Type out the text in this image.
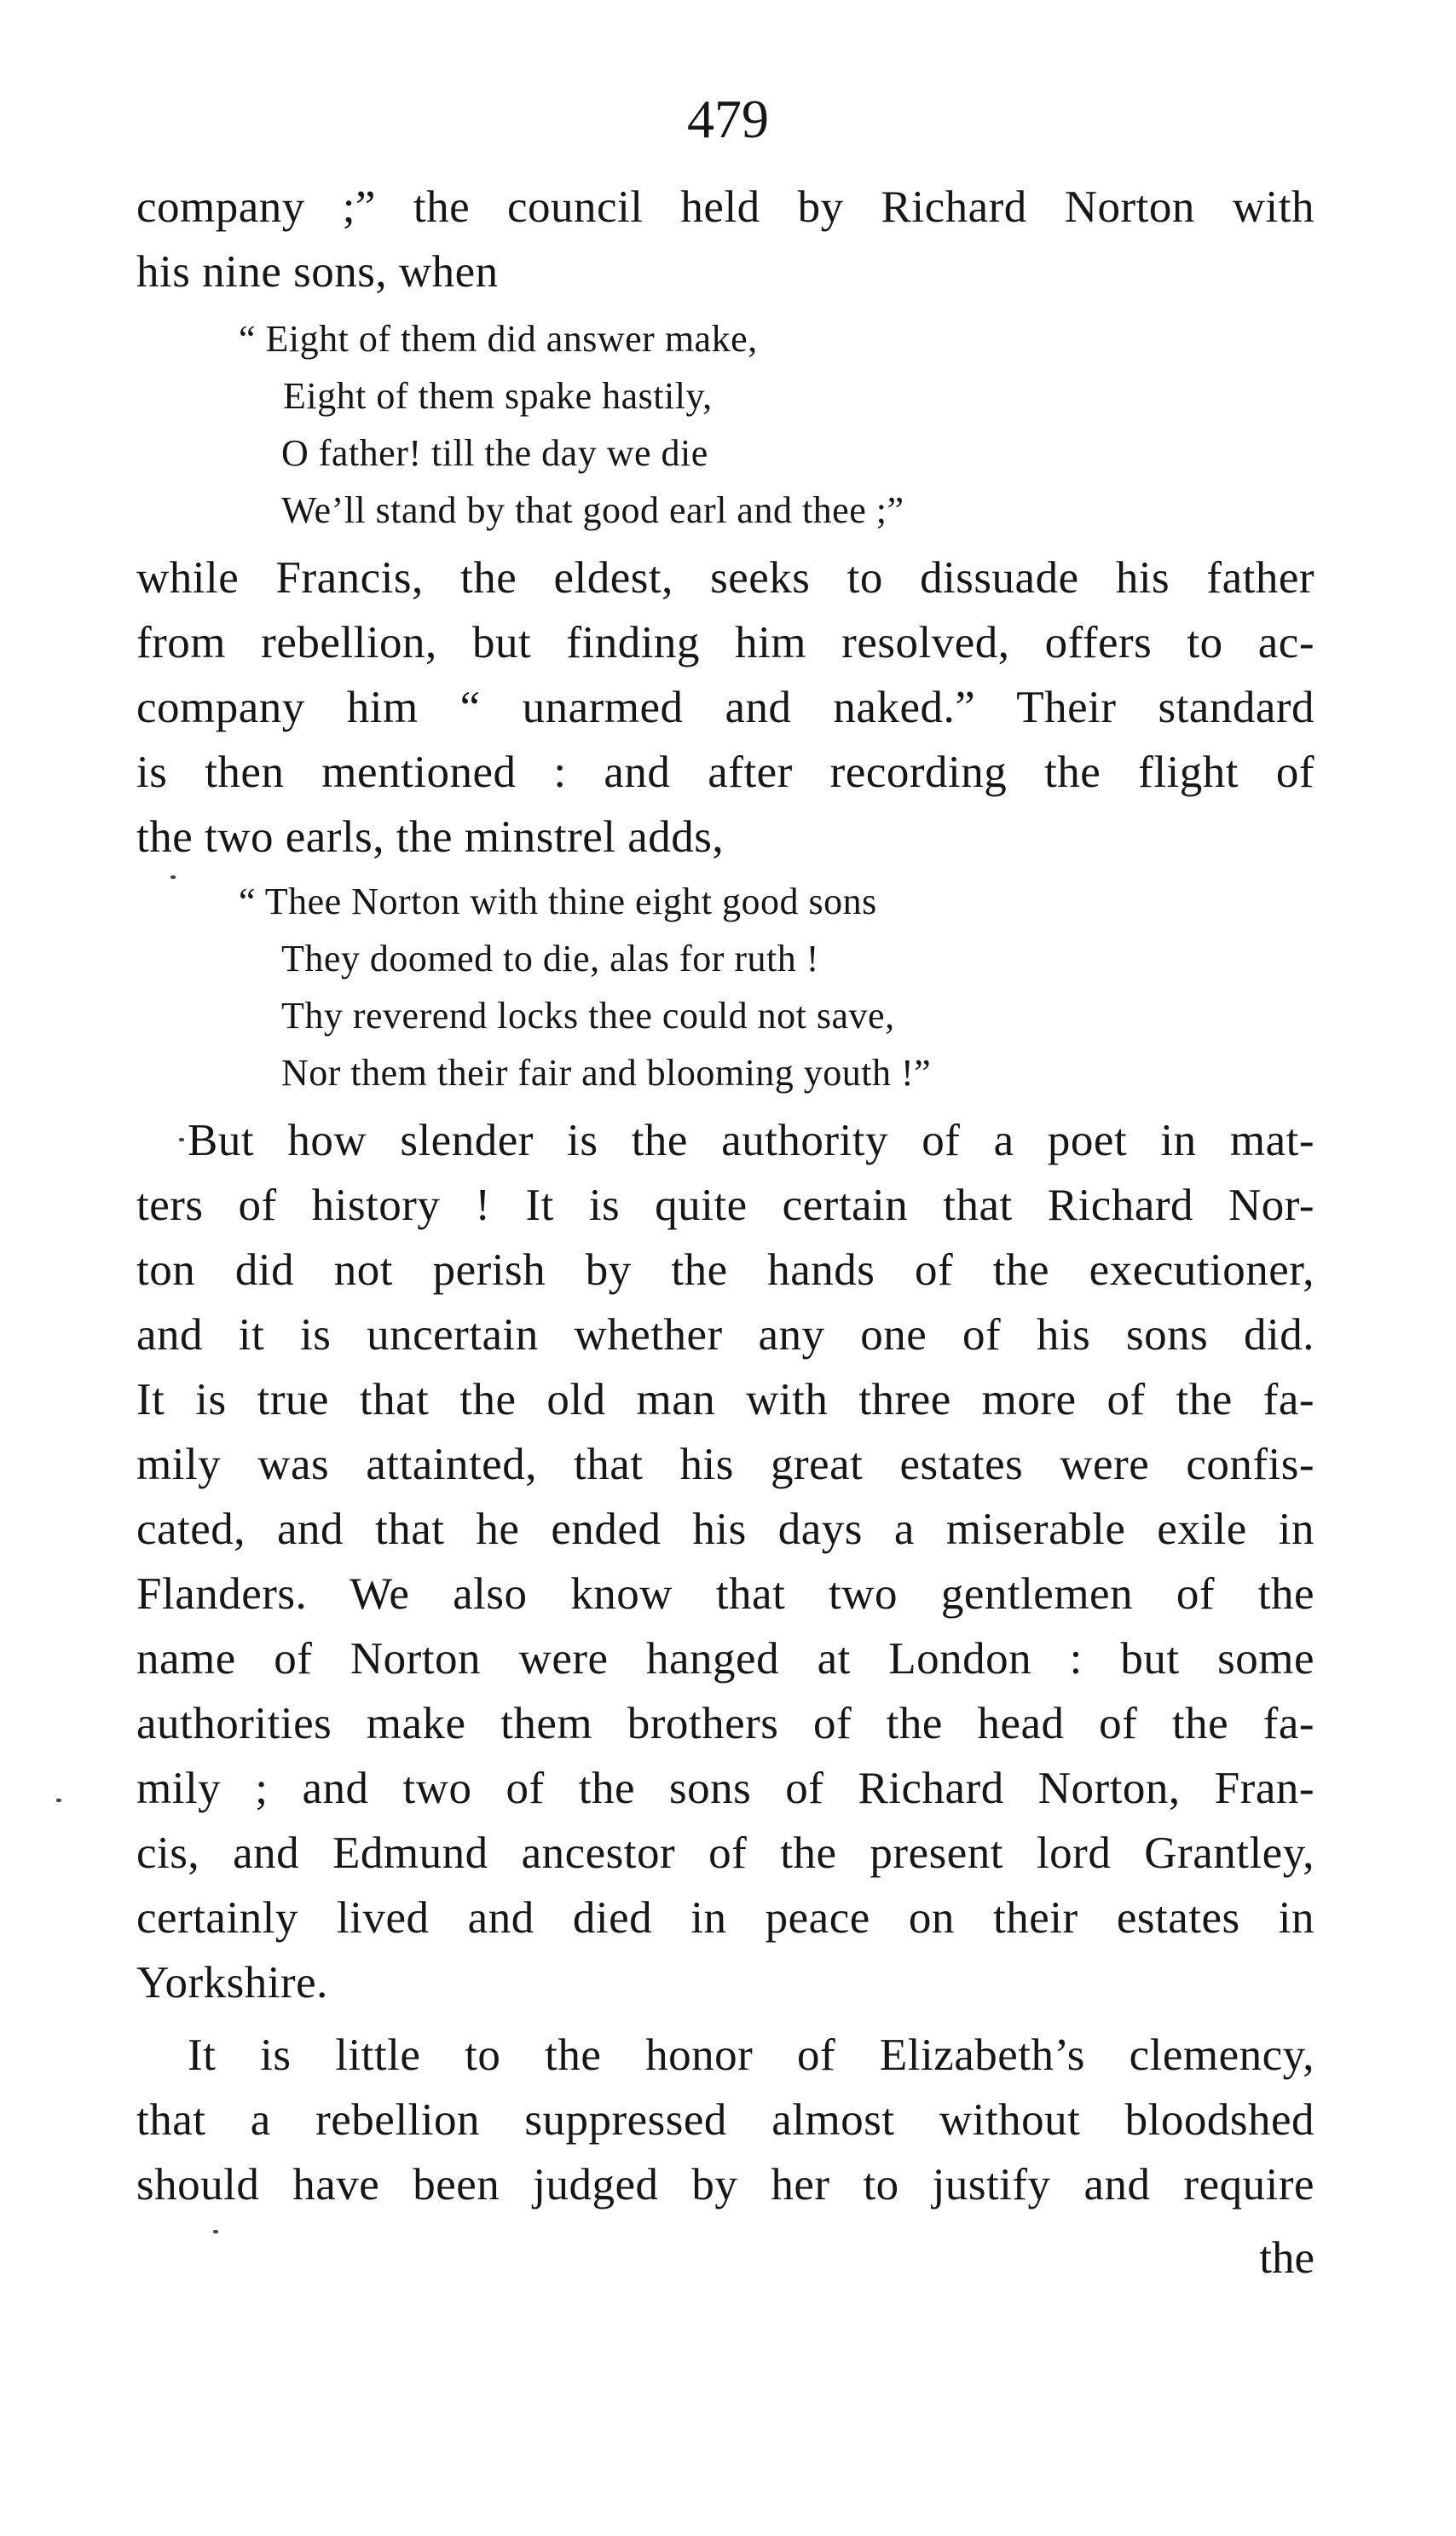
479
company ;” the council held by Richard Norton with
his nine sons, when
“ Eight of them did answer make,
Eight of them spake hastily,
O father! till the day we die
We’ll stand by that good earl and thee ;”
while Francis, the eldest, seeks to dissuade his father
from rebellion, but finding him resolved, offers to ac-
company him “ unarmed and naked.” Their standard
is then mentioned : and after recording the flight of
the two earls, the minstrel adds,
“ Thee Norton with thine eight good sons
They doomed to die, alas for ruth !
Thy reverend locks thee could not save,
Nor them their fair and blooming youth !”
But how slender is the authority of a poet in mat-
ters of history ! It is quite certain that Richard Nor-
ton did not perish by the hands of the executioner,
and it is uncertain whether any one of his sons did.
It is true that the old man with three more of the fa-
mily was attainted, that his great estates were confis-
cated, and that he ended his days a miserable exile in
Flanders. We also know that two gentlemen of the
name of Norton were hanged at London : but some
authorities make them brothers of the head of the fa-
mily ; and two of the sons of Richard Norton, Fran-
cis, and Edmund ancestor of the present lord Grantley,
certainly lived and died in peace on their estates in
Yorkshire.
It is little to the honor of Elizabeth’s clemency,
that a rebellion suppressed almost without bloodshed
should have been judged by her to justify and require
the
